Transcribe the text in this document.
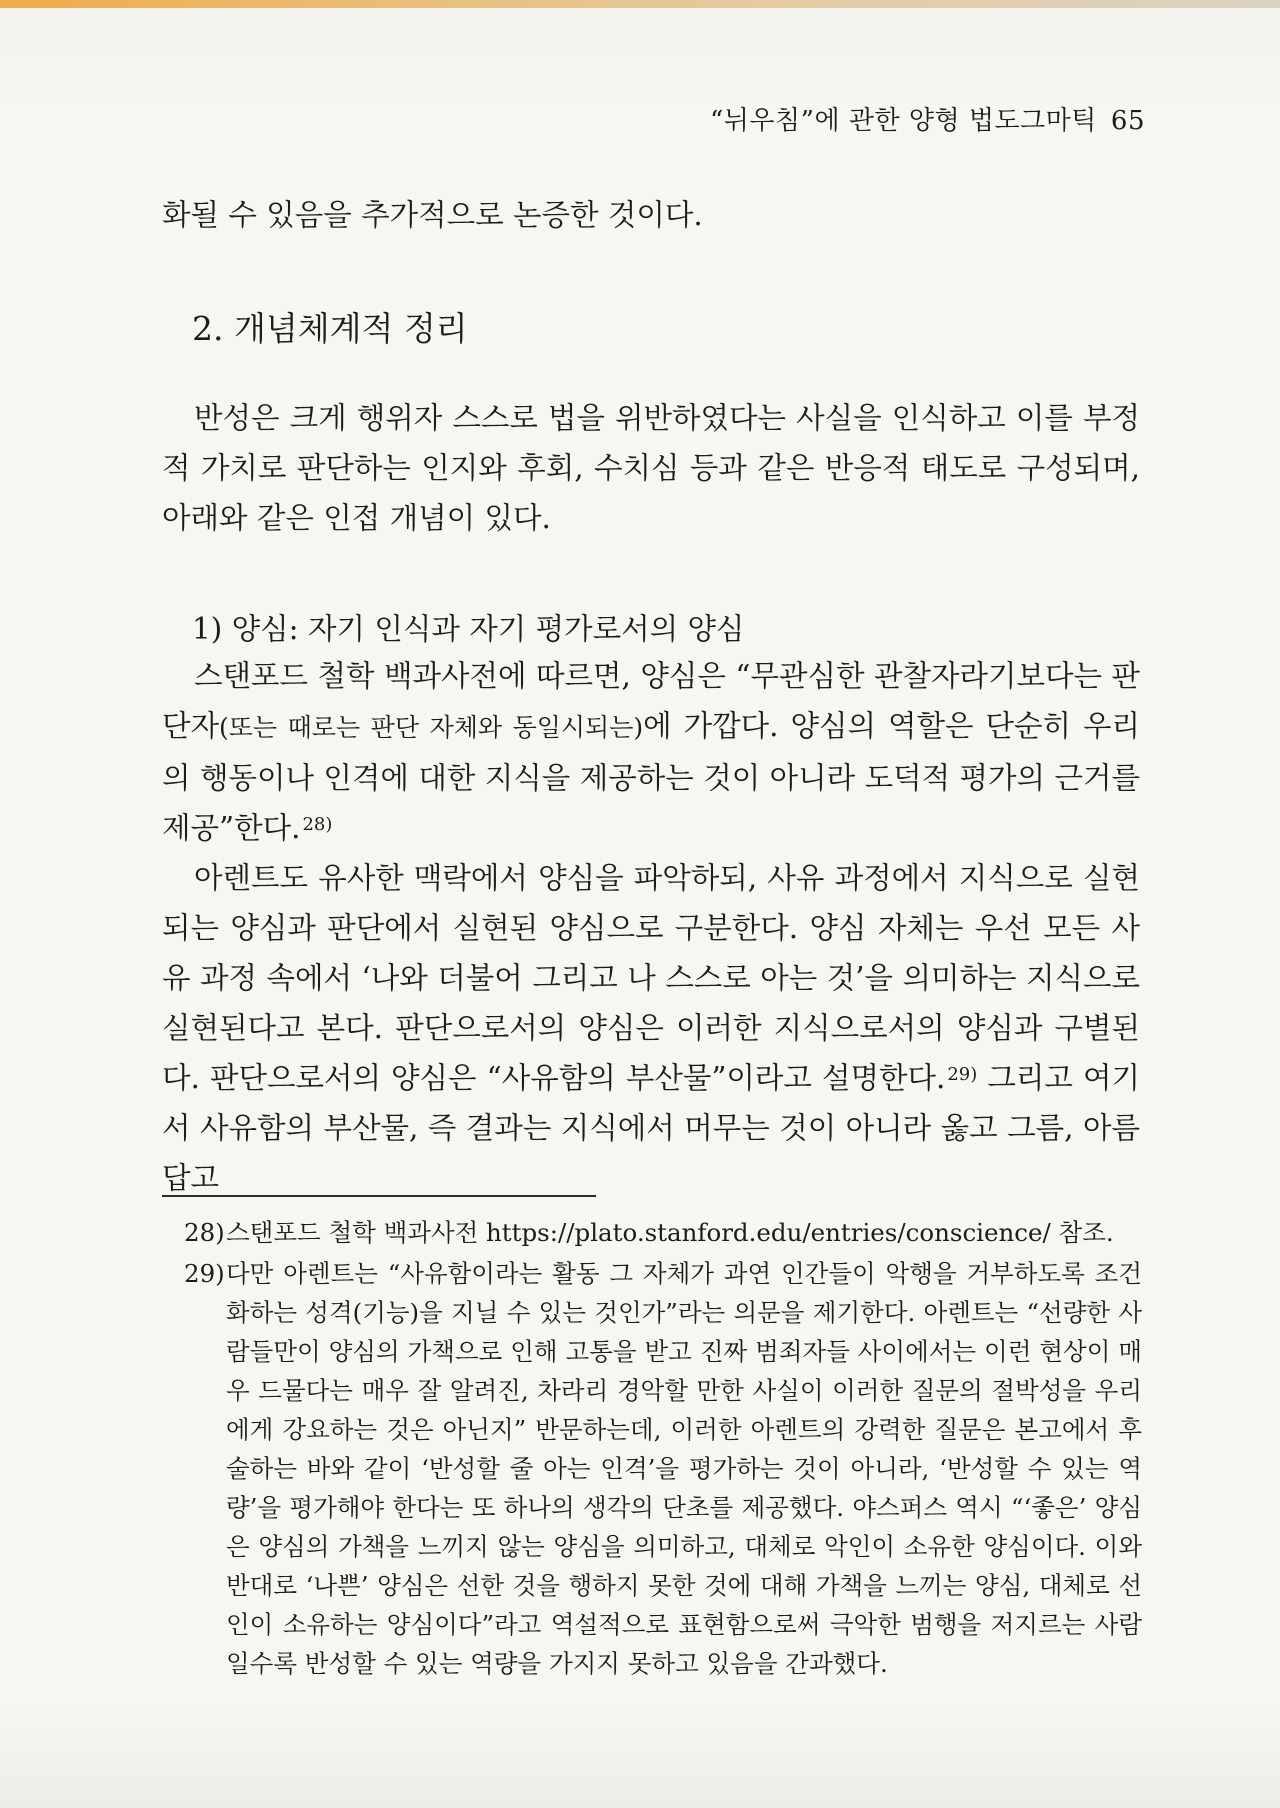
“뉘우침”에 관한 양형 법도그마틱 65
화될 수 있음을 추가적으로 논증한 것이다.
2. 개념체계적 정리
반성은 크게 행위자 스스로 법을 위반하였다는 사실을 인식하고 이를 부정적 가치로 판단하는 인지와 후회, 수치심 등과 같은 반응적 태도로 구성되며, 아래와 같은 인접 개념이 있다.
1) 양심: 자기 인식과 자기 평가로서의 양심
스탠포드 철학 백과사전에 따르면, 양심은 “무관심한 관찰자라기보다는 판단자(또는 때로는 판단 자체와 동일시되는)에 가깝다. 양심의 역할은 단순히 우리의 행동이나 인격에 대한 지식을 제공하는 것이 아니라 도덕적 평가의 근거를 제공”한다. $^{28)}$
아렌트도 유사한 맥락에서 양심을 파악하되, 사유 과정에서 지식으로 실현되는 양심과 판단에서 실현된 양심으로 구분한다. 양심 자체는 우선 모든 사유 과정 속에서 ‘나와 더불어 그리고 나 스스로 아는 것’을 의미하는 지식으로 실현된다고 본다. 판단으로서의 양심은 이러한 지식으로서의 양심과 구별된다. 판단으로서의 양심은 “사유함의 부산물”이라고 설명한다. $^{29)}$ 그리고 여기서 사유함의 부산물, 즉 결과는 지식에서 머무는 것이 아니라 옳고 그름, 아름답고
28)스탠포드 철학 백과사전 https://plato.stanford.edu/entries/conscience/ 참조.
29) 다만 아렌트는 “사유함이라는 활동 그 자체가 과연 인간들이 악행을 거부하도록 조건화하는 성격(기능)을 지닐 수 있는 것인가”라는 의문을 제기한다. 아렌트는 “선량한 사람들만이 양심의 가책으로 인해 고통을 받고 진짜 범죄자들 사이에서는 이런 현상이 매우 드물다는 매우 잘 알려진, 차라리 경악할 만한 사실이 이러한 질문의 절박성을 우리에게 강요하는 것은 아닌지” 반문하는데, 이러한 아렌트의 강력한 질문은 본고에서 후술하는 바와 같이 ‘반성할 줄 아는 인격’을 평가하는 것이 아니라, ‘반성할 수 있는 역량’을 평가해야 한다는 또 하나의 생각의 단초를 제공했다. 야스퍼스 역시 “‘좋은’ 양심은 양심의 가책을 느끼지 않는 양심을 의미하고, 대체로 악인이 소유한 양심이다. 이와 반대로 ‘나쁜’ 양심은 선한 것을 행하지 못한 것에 대해 가책을 느끼는 양심, 대체로 선인이 소유하는 양심이다”라고 역설적으로 표현함으로써 극악한 범행을 저지르는 사람일수록 반성할 수 있는 역량을 가지지 못하고 있음을 간과했다.
